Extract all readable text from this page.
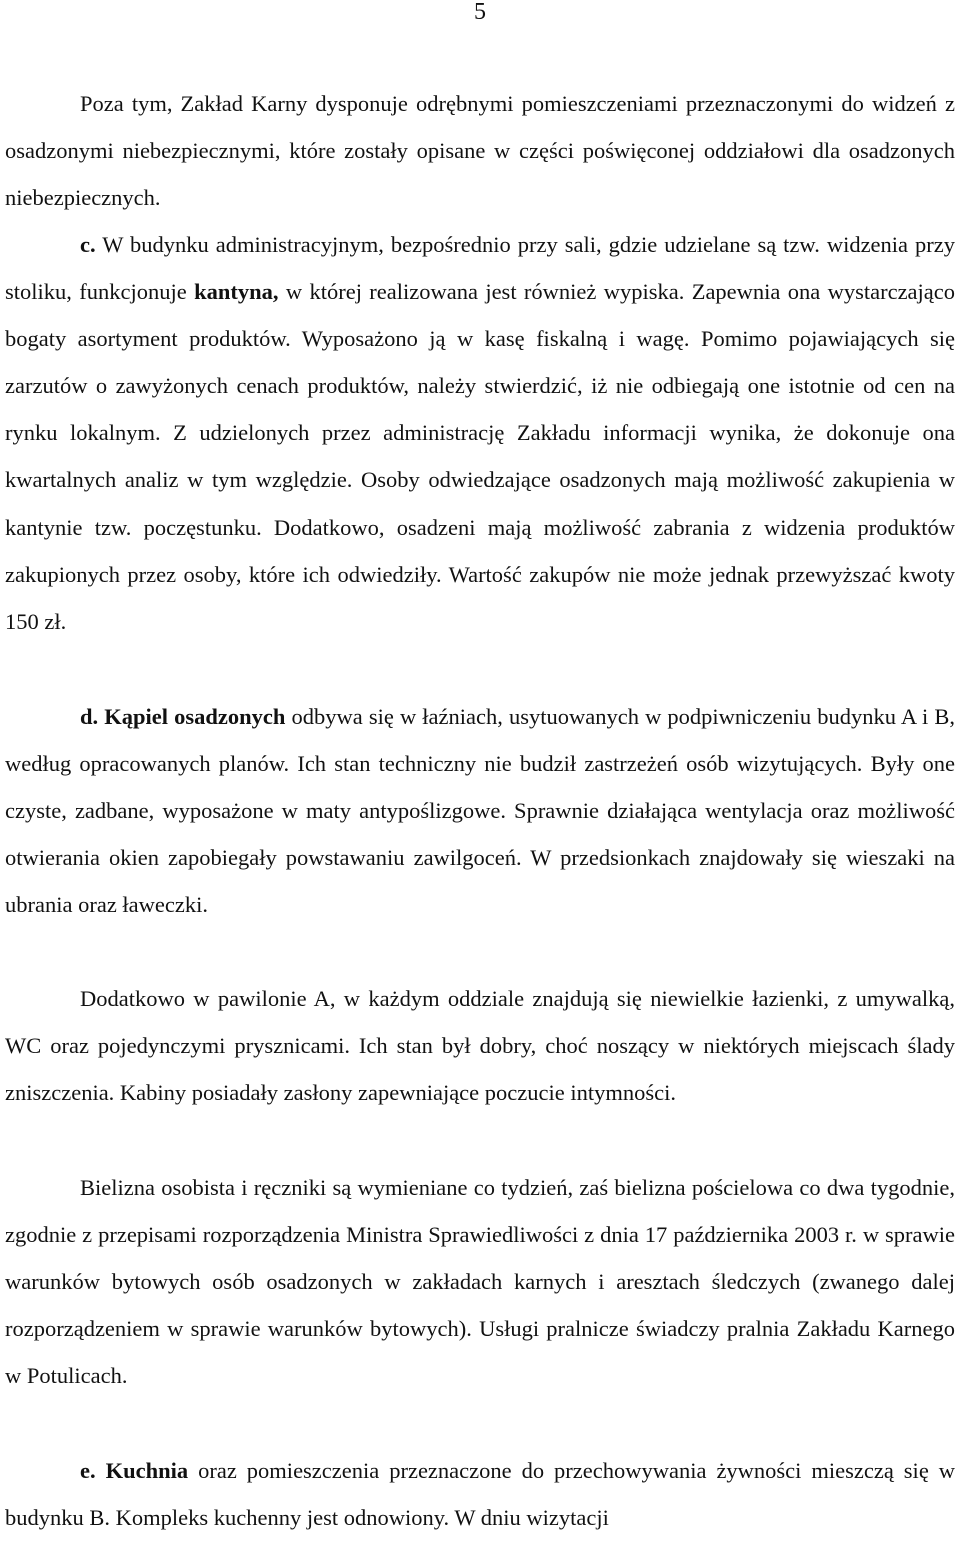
5

Poza tym, Zakład Karny dysponuje odrębnymi pomieszczeniami przeznaczonymi do widzeń z osadzonymi niebezpiecznymi, które zostały opisane w części poświęconej oddziałowi dla osadzonych niebezpiecznych.

c. W budynku administracyjnym, bezpośrednio przy sali, gdzie udzielane są tzw. widzenia przy stoliku, funkcjonuje kantyna, w której realizowana jest również wypiska. Zapewnia ona wystarczająco bogaty asortyment produktów. Wyposażono ją w kasę fiskalną i wagę. Pomimo pojawiających się zarzutów o zawyżonych cenach produktów, należy stwierdzić, iż nie odbiegają one istotnie od cen na rynku lokalnym. Z udzielonych przez administrację Zakładu informacji wynika, że dokonuje ona kwartalnych analiz w tym względzie. Osoby odwiedzające osadzonych mają możliwość zakupienia w kantynie tzw. poczęstunku. Dodatkowo, osadzeni mają możliwość zabrania z widzenia produktów zakupionych przez osoby, które ich odwiedziły. Wartość zakupów nie może jednak przewyższać kwoty 150 zł.

d. Kąpiel osadzonych odbywa się w łaźniach, usytuowanych w podpiwniczeniu budynku A i B, według opracowanych planów. Ich stan techniczny nie budził zastrzeżeń osób wizytujących. Były one czyste, zadbane, wyposażone w maty antypoślizgowe. Sprawnie działająca wentylacja oraz możliwość otwierania okien zapobiegały powstawaniu zawilgoceń. W przedsionkach znajdowały się wieszaki na ubrania oraz ławeczki.

Dodatkowo w pawilonie A, w każdym oddziale znajdują się niewielkie łazienki, z umywalką, WC oraz pojedynczymi prysznicami. Ich stan był dobry, choć noszący w niektórych miejscach ślady zniszczenia. Kabiny posiadały zasłony zapewniające poczucie intymności.

Bielizna osobista i ręczniki są wymieniane co tydzień, zaś bielizna pościelowa co dwa tygodnie, zgodnie z przepisami rozporządzenia Ministra Sprawiedliwości z dnia 17 października 2003 r. w sprawie warunków bytowych osób osadzonych w zakładach karnych i aresztach śledczych (zwanego dalej rozporządzeniem w sprawie warunków bytowych). Usługi pralnicze świadczy pralnia Zakładu Karnego w Potulicach.

e. Kuchnia oraz pomieszczenia przeznaczone do przechowywania żywności mieszczą się w budynku B. Kompleks kuchenny jest odnowiony. W dniu wizytacji
